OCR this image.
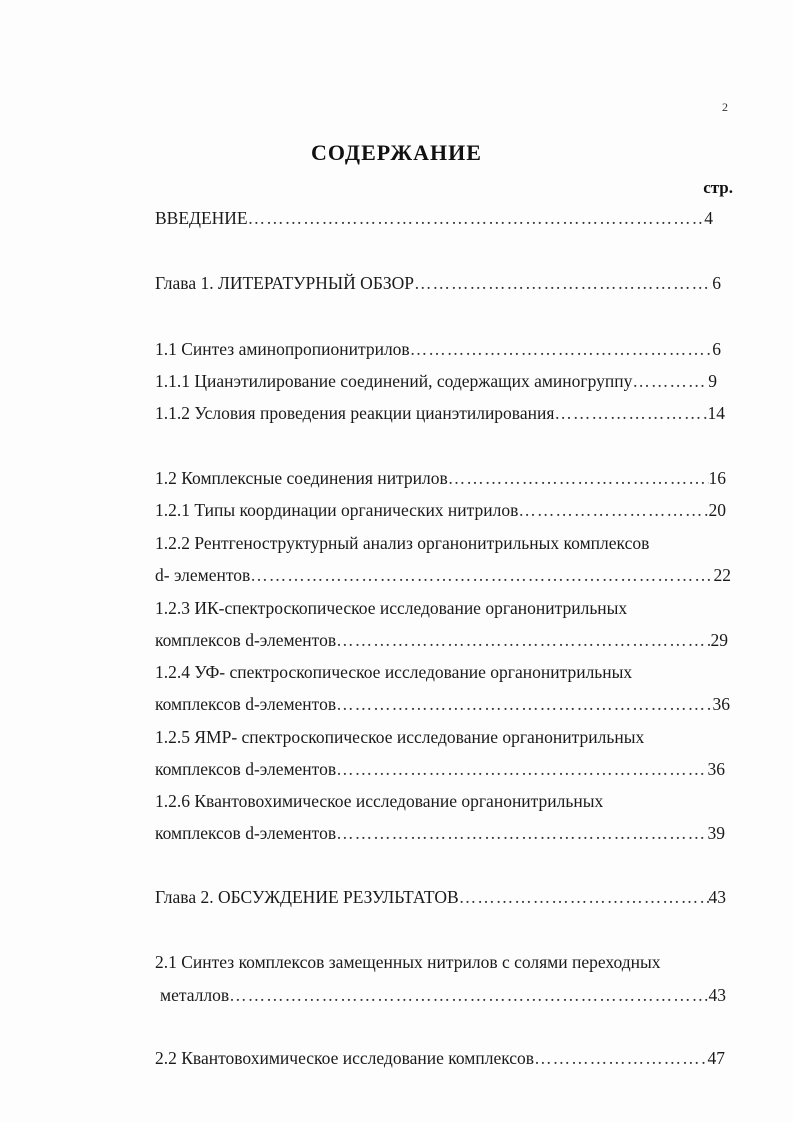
2
СОДЕРЖАНИЕ
стр.
ВВЕДЕНИЕ	4
………………………………………………………………………………………………………………………………………………………………………………
Глава 1. ЛИТЕРАТУРНЫЙ ОБЗОР	6
………………………………………………………………………………………………………………………………………………………………………………
1.1 Синтез аминопропионитрилов	6
………………………………………………………………………………………………………………………………………………………………………………
1.1.1 Цианэтилирование соединений, содержащих аминогруппу	9
………………………………………………………………………………………………………………………………………………………………………………
1.1.2 Условия проведения реакции цианэтилирования	14
………………………………………………………………………………………………………………………………………………………………………………
1.2 Комплексные соединения нитрилов	16
………………………………………………………………………………………………………………………………………………………………………………
1.2.1 Типы координации органических нитрилов	20
………………………………………………………………………………………………………………………………………………………………………………
1.2.2 Рентгеноструктурный анализ органонитрильных комплексов
d- элементов	22
………………………………………………………………………………………………………………………………………………………………………………
1.2.3 ИК-спектроскопическое исследование органонитрильных
комплексов d-элементов	29
………………………………………………………………………………………………………………………………………………………………………………
1.2.4 УФ- спектроскопическое исследование органонитрильных
комплексов d-элементов	36
………………………………………………………………………………………………………………………………………………………………………………
1.2.5 ЯМР- спектроскопическое исследование органонитрильных
комплексов d-элементов	36
………………………………………………………………………………………………………………………………………………………………………………
1.2.6 Квантовохимическое исследование органонитрильных
комплексов d-элементов	39
………………………………………………………………………………………………………………………………………………………………………………
Глава 2. ОБСУЖДЕНИЕ РЕЗУЛЬТАТОВ	43
………………………………………………………………………………………………………………………………………………………………………………
2.1 Синтез комплексов замещенных нитрилов с солями переходных
металлов	43
………………………………………………………………………………………………………………………………………………………………………………
2.2 Квантовохимическое исследование комплексов	47
………………………………………………………………………………………………………………………………………………………………………………
